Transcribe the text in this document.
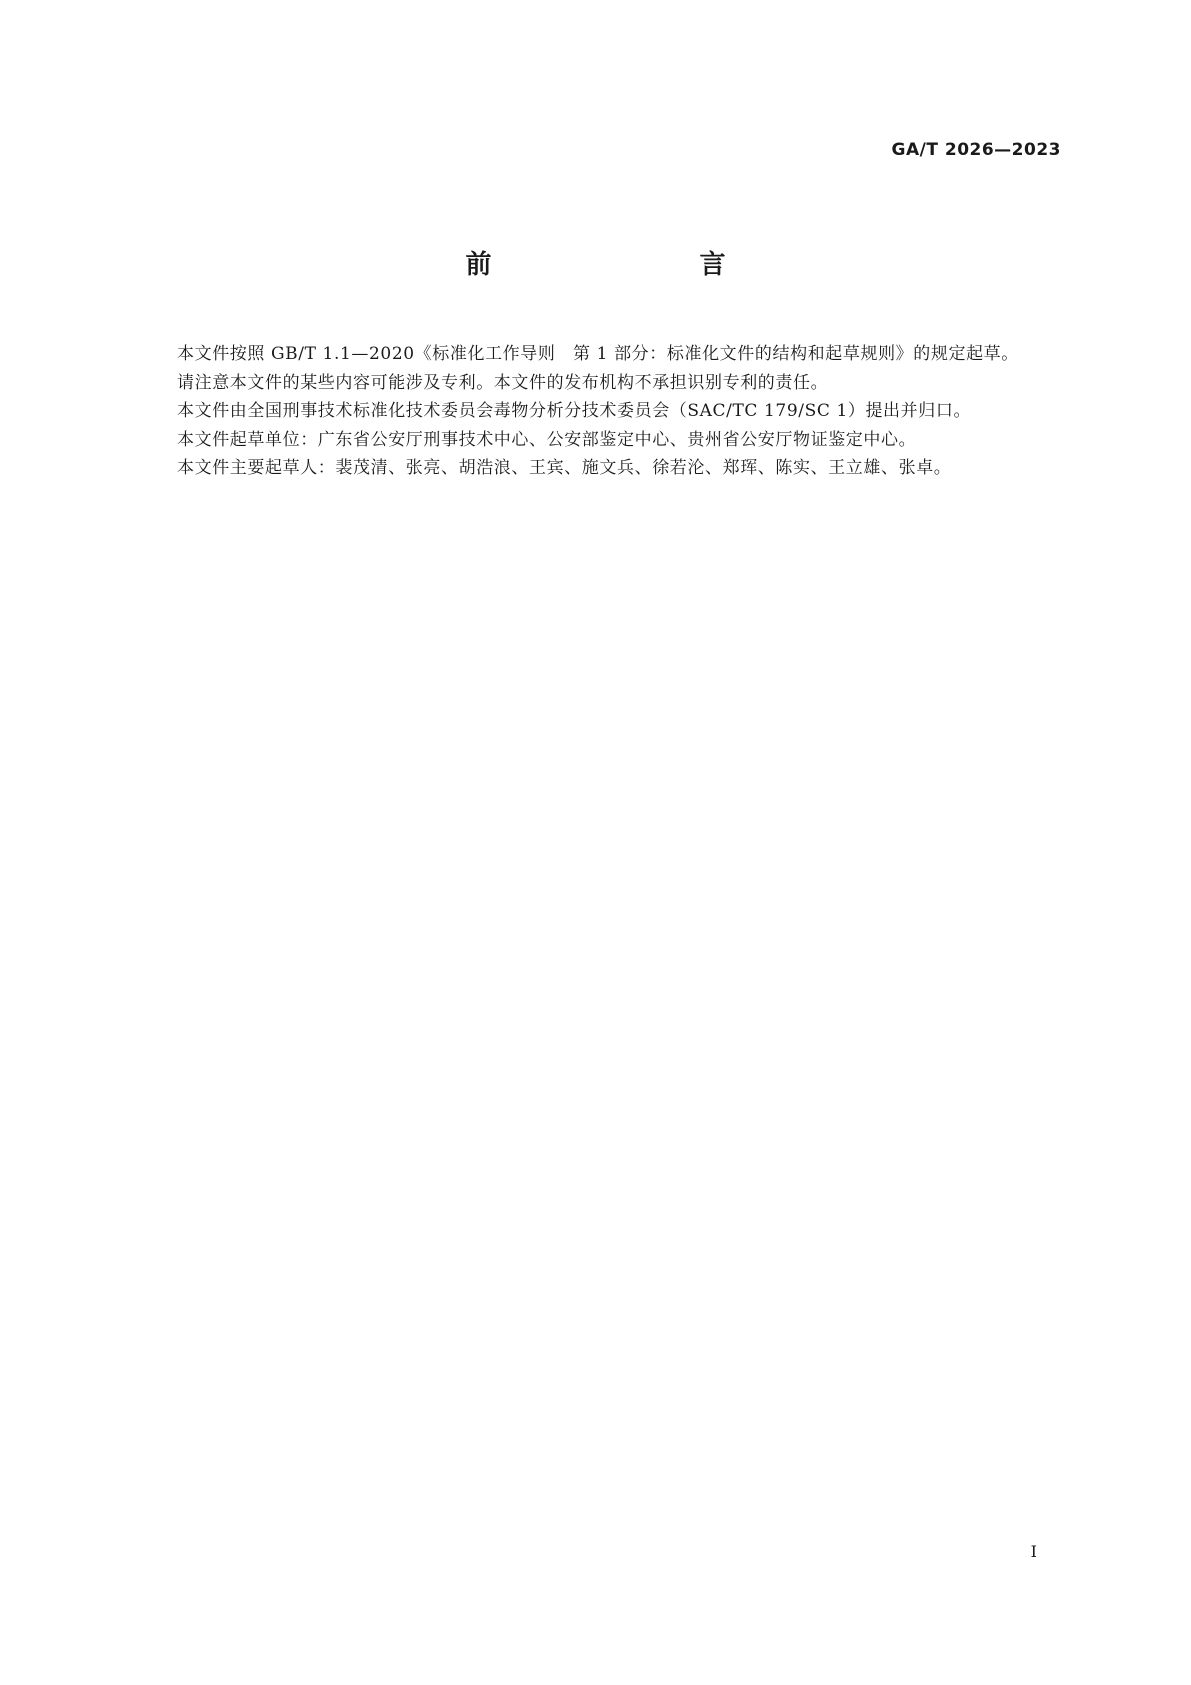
GA/T 2026—2023
前　　言

本文件按照 GB/T 1.1—2020《标准化工作导则　第 1 部分：标准化文件的结构和起草规则》的规定起草。

请注意本文件的某些内容可能涉及专利。本文件的发布机构不承担识别专利的责任。

本文件由全国刑事技术标准化技术委员会毒物分析分技术委员会（SAC/TC 179/SC 1）提出并归口。

本文件起草单位：广东省公安厅刑事技术中心、公安部鉴定中心、贵州省公安厅物证鉴定中心。

本文件主要起草人：裴茂清、张亮、胡浩浪、王宾、施文兵、徐若沦、郑珲、陈实、王立雄、张卓。

I
